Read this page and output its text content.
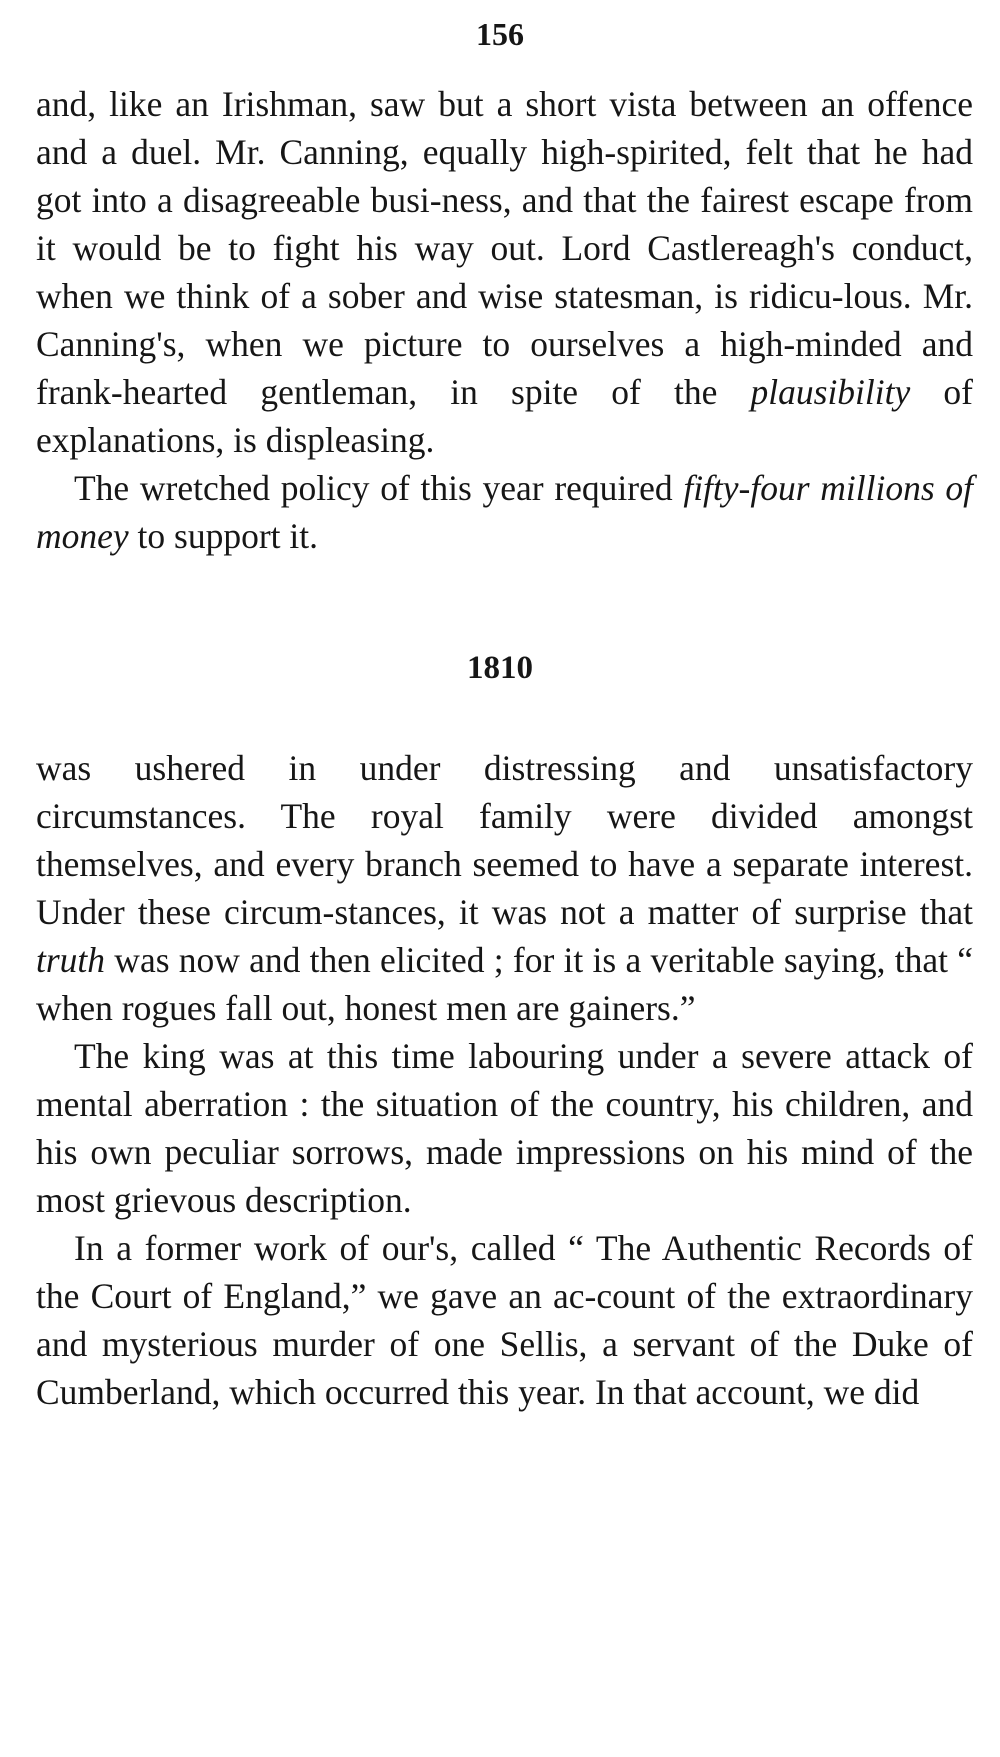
156

and, like an Irishman, saw but a short vista between an offence and a duel. Mr. Canning, equally high-spirited, felt that he had got into a disagreeable busi-ness, and that the fairest escape from it would be to fight his way out. Lord Castlereagh's conduct, when we think of a sober and wise statesman, is ridicu-lous. Mr. Canning's, when we picture to ourselves a high-minded and frank-hearted gentleman, in spite of the plausibility of explanations, is displeasing.

The wretched policy of this year required fifty-four millions of money to support it.

1810

was ushered in under distressing and unsatisfactory circumstances. The royal family were divided amongst themselves, and every branch seemed to have a separate interest. Under these circum-stances, it was not a matter of surprise that truth was now and then elicited ; for it is a veritable saying, that “ when rogues fall out, honest men are gainers.”

The king was at this time labouring under a severe attack of mental aberration : the situation of the country, his children, and his own peculiar sorrows, made impressions on his mind of the most grievous description.

In a former work of our's, called “ The Authentic Records of the Court of England,” we gave an ac-count of the extraordinary and mysterious murder of one Sellis, a servant of the Duke of Cumberland, which occurred this year. In that account, we did
